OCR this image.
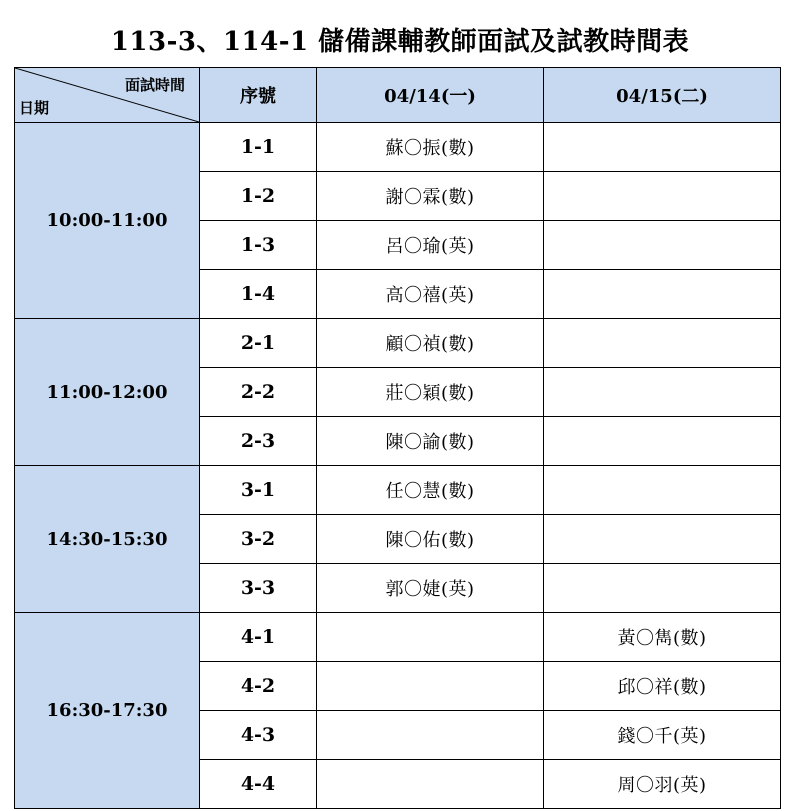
113-3、114-1 儲備課輔教師面試及試教時間表
面試時間
日期	序號	04/14(一)	04/15(二)
10:00-11:00	1-1	蘇〇振(數)	
	1-2	謝〇霖(數)	
	1-3	呂〇瑜(英)	
	1-4	高〇禧(英)	
11:00-12:00	2-1	顧〇禎(數)	
	2-2	莊〇穎(數)	
	2-3	陳〇諭(數)	
14:30-15:30	3-1	任〇慧(數)	
	3-2	陳〇佑(數)	
	3-3	郭〇婕(英)	
16:30-17:30	4-1		黃〇雋(數)
	4-2		邱〇祥(數)
	4-3		錢〇千(英)
	4-4		周〇羽(英)
